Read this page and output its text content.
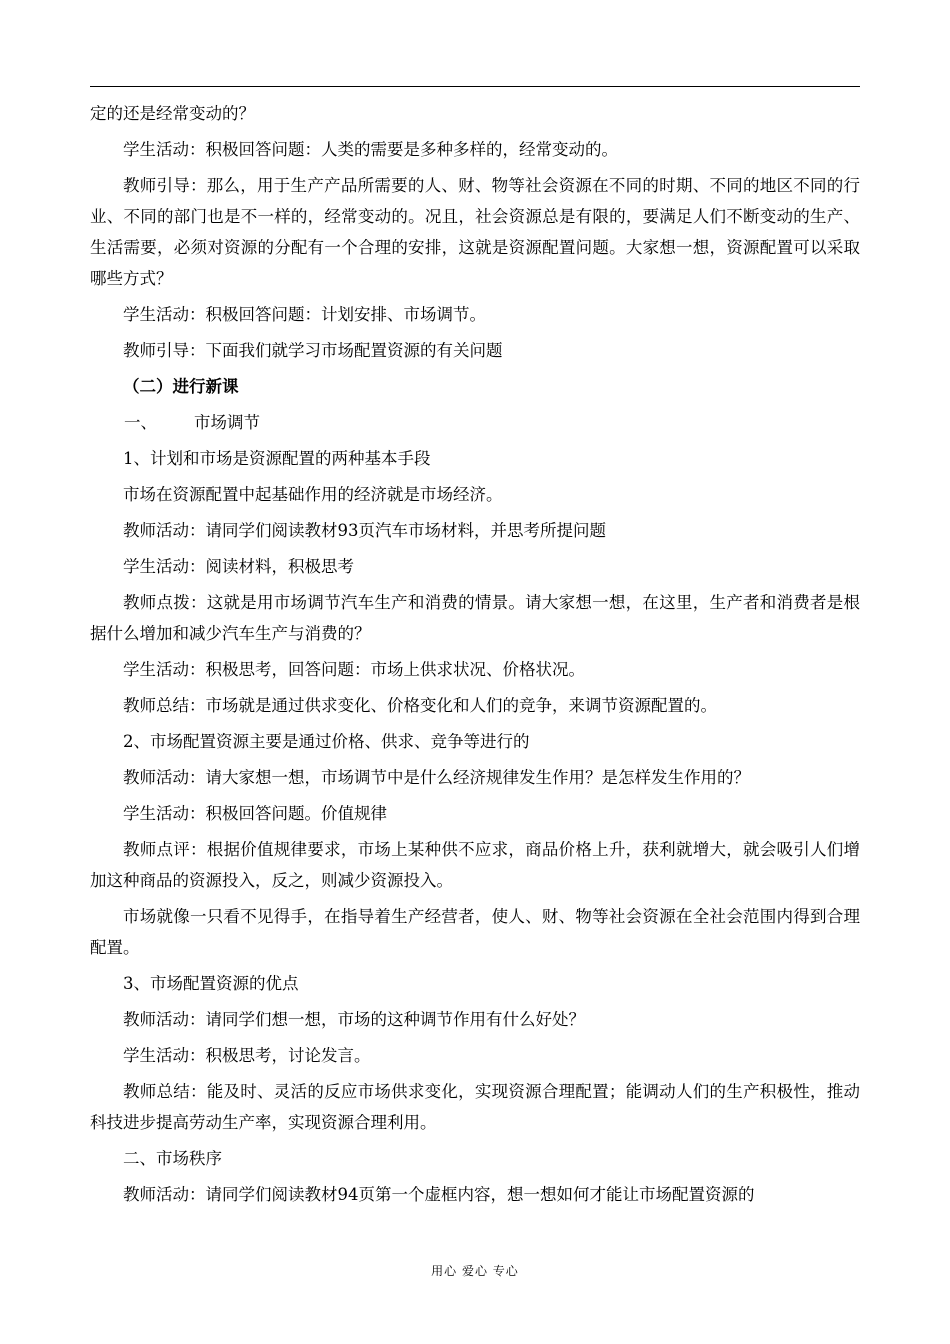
定的还是经常变动的？

学生活动：积极回答问题：人类的需要是多种多样的，经常变动的。

教师引导：那么，用于生产产品所需要的人、财、物等社会资源在不同的时期、不同的地区不同的行业、不同的部门也是不一样的，经常变动的。况且，社会资源总是有限的，要满足人们不断变动的生产、生活需要，必须对资源的分配有一个合理的安排，这就是资源配置问题。大家想一想，资源配置可以采取哪些方式？

学生活动：积极回答问题：计划安排、市场调节。

教师引导：下面我们就学习市场配置资源的有关问题

（二）进行新课

一、 市场调节

1、计划和市场是资源配置的两种基本手段

市场在资源配置中起基础作用的经济就是市场经济。

教师活动：请同学们阅读教材93页汽车市场材料，并思考所提问题

学生活动：阅读材料，积极思考

教师点拨：这就是用市场调节汽车生产和消费的情景。请大家想一想，在这里，生产者和消费者是根据什么增加和减少汽车生产与消费的？

学生活动：积极思考，回答问题：市场上供求状况、价格状况。

教师总结：市场就是通过供求变化、价格变化和人们的竞争，来调节资源配置的。

2、市场配置资源主要是通过价格、供求、竞争等进行的

教师活动：请大家想一想，市场调节中是什么经济规律发生作用？是怎样发生作用的？

学生活动：积极回答问题。价值规律

教师点评：根据价值规律要求，市场上某种供不应求，商品价格上升，获利就增大，就会吸引人们增加这种商品的资源投入，反之，则减少资源投入。

市场就像一只看不见得手，在指导着生产经营者，使人、财、物等社会资源在全社会范围内得到合理配置。

3、市场配置资源的优点

教师活动：请同学们想一想，市场的这种调节作用有什么好处？

学生活动：积极思考，讨论发言。

教师总结：能及时、灵活的反应市场供求变化，实现资源合理配置；能调动人们的生产积极性，推动科技进步提高劳动生产率，实现资源合理利用。

二、市场秩序

教师活动：请同学们阅读教材94页第一个虚框内容，想一想如何才能让市场配置资源的

用心 爱心 专心
